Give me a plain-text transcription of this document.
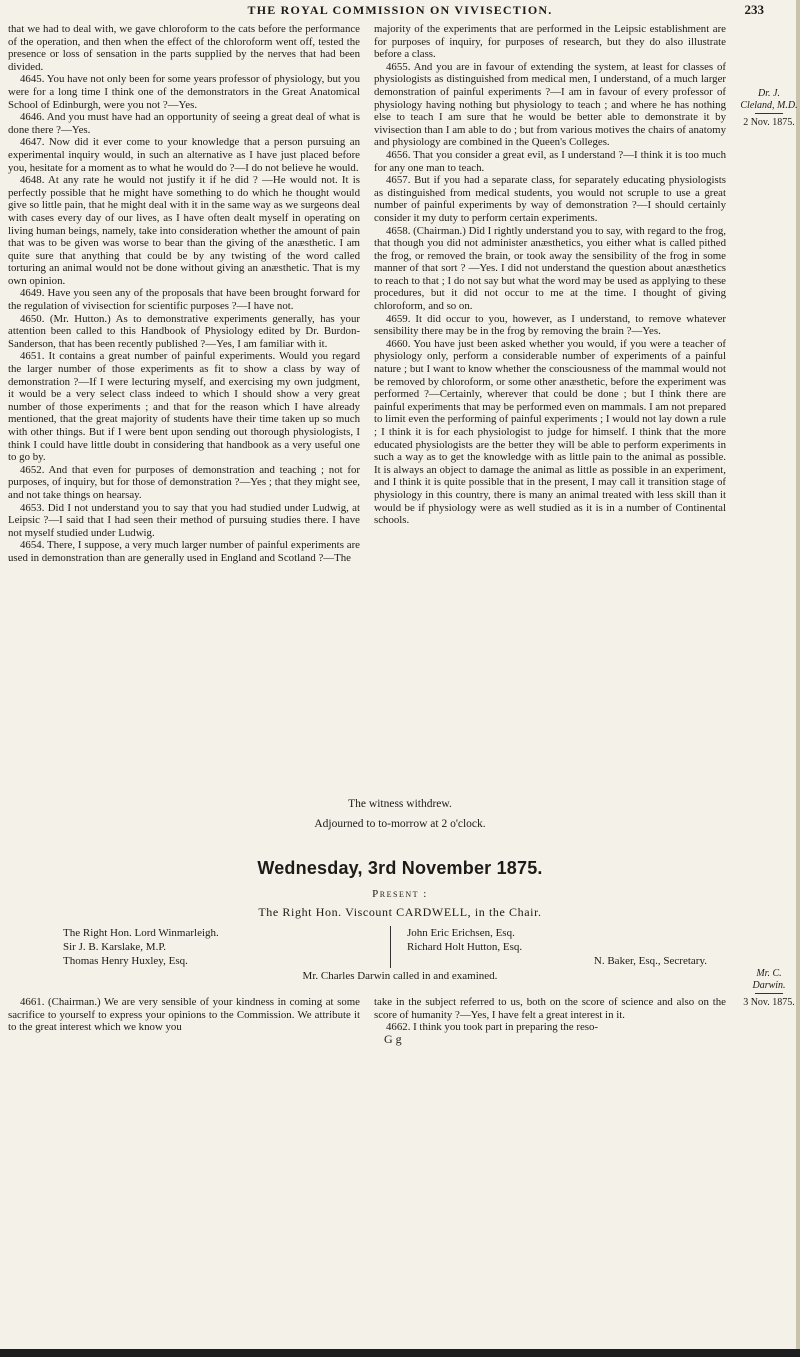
THE ROYAL COMMISSION ON VIVISECTION.	233

that we had to deal with, we gave chloroform to the cats before the performance of the operation, and then when the effect of the chloroform went off, tested the presence or loss of sensation in the parts supplied by the nerves that had been divided.

4645. You have not only been for some years professor of physiology, but you were for a long time I think one of the demonstrators in the Great Anatomical School of Edinburgh, were you not ?—Yes.

4646. And you must have had an opportunity of seeing a great deal of what is done there ?—Yes.

4647. Now did it ever come to your knowledge that a person pursuing an experimental inquiry would, in such an alternative as I have just placed before you, hesitate for a moment as to what he would do ?—I do not believe he would.

4648. At any rate he would not justify it if he did ? —He would not. It is perfectly possible that he might have something to do which he thought would give so little pain, that he might deal with it in the same way as we surgeons deal with cases every day of our lives, as I have often dealt myself in operating on living human beings, namely, take into consideration whether the amount of pain that was to be given was worse to bear than the giving of the anæsthetic. I am quite sure that anything that could be by any twisting of the word called torturing an animal would not be done without giving an anæsthetic. That is my own opinion.

4649. Have you seen any of the proposals that have been brought forward for the regulation of vivisection for scientific purposes ?—I have not.

4650. (Mr. Hutton.) As to demonstrative experiments generally, has your attention been called to this Handbook of Physiology edited by Dr. Burdon-Sanderson, that has been recently published ?—Yes, I am familiar with it.

4651. It contains a great number of painful experiments. Would you regard the larger number of those experiments as fit to show a class by way of demonstration ?—If I were lecturing myself, and exercising my own judgment, it would be a very select class indeed to which I should show a very great number of those experiments ; and that for the reason which I have already mentioned, that the great majority of students have their time taken up so much with other things. But if I were bent upon sending out thorough physiologists, I think I could have little doubt in considering that handbook as a very useful one to go by.

4652. And that even for purposes of demonstration and teaching ; not for purposes, of inquiry, but for those of demonstration ?—Yes ; that they might see, and not take things on hearsay.

4653. Did I not understand you to say that you had studied under Ludwig, at Leipsic ?—I said that I had seen their method of pursuing studies there. I have not myself studied under Ludwig.

4654. There, I suppose, a very much larger number of painful experiments are used in demonstration than are generally used in England and Scotland ?—The

majority of the experiments that are performed in the Leipsic establishment are for purposes of inquiry, for purposes of research, but they do also illustrate before a class.

4655. And you are in favour of extending the system, at least for classes of physiologists as distinguished from medical men, I understand, of a much larger demonstration of painful experiments ?—I am in favour of every professor of physiology having nothing but physiology to teach ; and where he has nothing else to teach I am sure that he would be better able to demonstrate it by vivisection than I am able to do ; but from various motives the chairs of anatomy and physiology are combined in the Queen's Colleges.

4656. That you consider a great evil, as I understand ?—I think it is too much for any one man to teach.

4657. But if you had a separate class, for separately educating physiologists as distinguished from medical students, you would not scruple to use a great number of painful experiments by way of demonstration ?—I should certainly consider it my duty to perform certain experiments.

4658. (Chairman.) Did I rightly understand you to say, with regard to the frog, that though you did not administer anæsthetics, you either what is called pithed the frog, or removed the brain, or took away the sensibility of the frog in some manner of that sort ? —Yes. I did not understand the question about anæsthetics to reach to that ; I do not say but what the word may be used as applying to these procedures, but it did not occur to me at the time. I thought of giving chloroform, and so on.

4659. It did occur to you, however, as I understand, to remove whatever sensibility there may be in the frog by removing the brain ?—Yes.

4660. You have just been asked whether you would, if you were a teacher of physiology only, perform a considerable number of experiments of a painful nature ; but I want to know whether the consciousness of the mammal would not be removed by chloroform, or some other anæsthetic, before the experiment was performed ?—Certainly, wherever that could be done ; but I think there are painful experiments that may be performed even on mammals. I am not prepared to limit even the performing of painful experiments ; I would not lay down a rule ; I think it is for each physiologist to judge for himself. I think that the more educated physiologists are the better they will be able to perform experiments in such a way as to get the knowledge with as little pain to the animal as possible. It is always an object to damage the animal as little as possible in an experiment, and I think it is quite possible that in the present, I may call it transition stage of physiology in this country, there is many an animal treated with less skill than it would be if physiology were as well studied as it is in a number of Continental schools.

Dr. J. Cleland, M.D.
2 Nov. 1875.
The witness withdrew.
Adjourned to to-morrow at 2 o'clock.
Wednesday, 3rd November 1875.
Present :
The Right Hon. Viscount CARDWELL, in the Chair.
The Right Hon. Lord Winmarleigh.
Sir J. B. Karslake, M.P.
Thomas Henry Huxley, Esq.
John Eric Erichsen, Esq.
Richard Holt Hutton, Esq.
N. Baker, Esq., Secretary.
Mr. Charles Darwin called in and examined.	Mr. C. Darwin.
3 Nov. 1875.

4661. (Chairman.) We are very sensible of your kindness in coming at some sacrifice to yourself to express your opinions to the Commission. We attribute it to the great interest which we know you

take in the subject referred to us, both on the score of science and also on the score of humanity ?—Yes, I have felt a great interest in it.

4662. I think you took part in preparing the reso-

G g
